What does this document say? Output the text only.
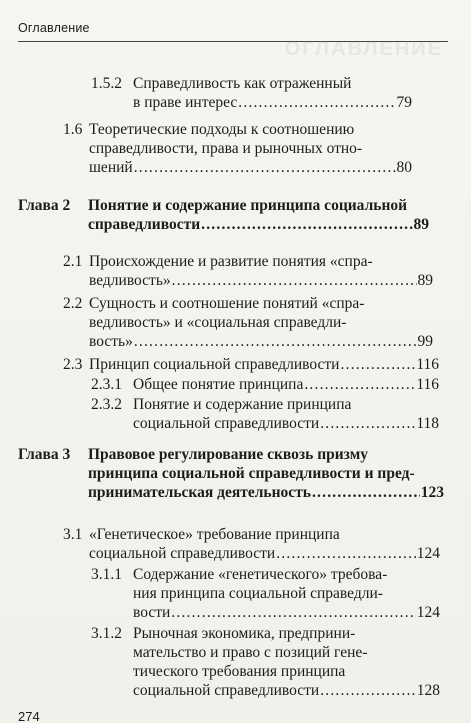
Оглавление
ОГЛАВЛЕНИЕ
1.5.2 Справедливость как отраженный
в праве интерес .....	79
1.6 Теоретические подходы к соотношению
справедливости, права и рыночных отно-
шений .....	80
Глава 2 Понятие и содержание принципа социальной
справедливости .....	89
2.1 Происхождение и развитие понятия «спра-
ведливость» .....	89
2.2 Сущность и соотношение понятий «спра-
ведливость» и «социальная справедли-
вость» .....	99
2.3 Принцип социальной справедливости .....	116
2.3.1 Общее понятие принципа .....	116
2.3.2 Понятие и содержание принципа
социальной справедливости .....	118
Глава 3 Правовое регулирование сквозь призму
принципа социальной справедливости и пред-
принимательская деятельность .....	123
3.1 «Генетическое» требование принципа
социальной справедливости .....	124
3.1.1 Содержание «генетического» требова-
ния принципа социальной справедли-
вости .....	124
3.1.2 Рыночная экономика, предприни-
мательство и право с позиций гене-
тического требования принципа
социальной справедливости .....	128
274
